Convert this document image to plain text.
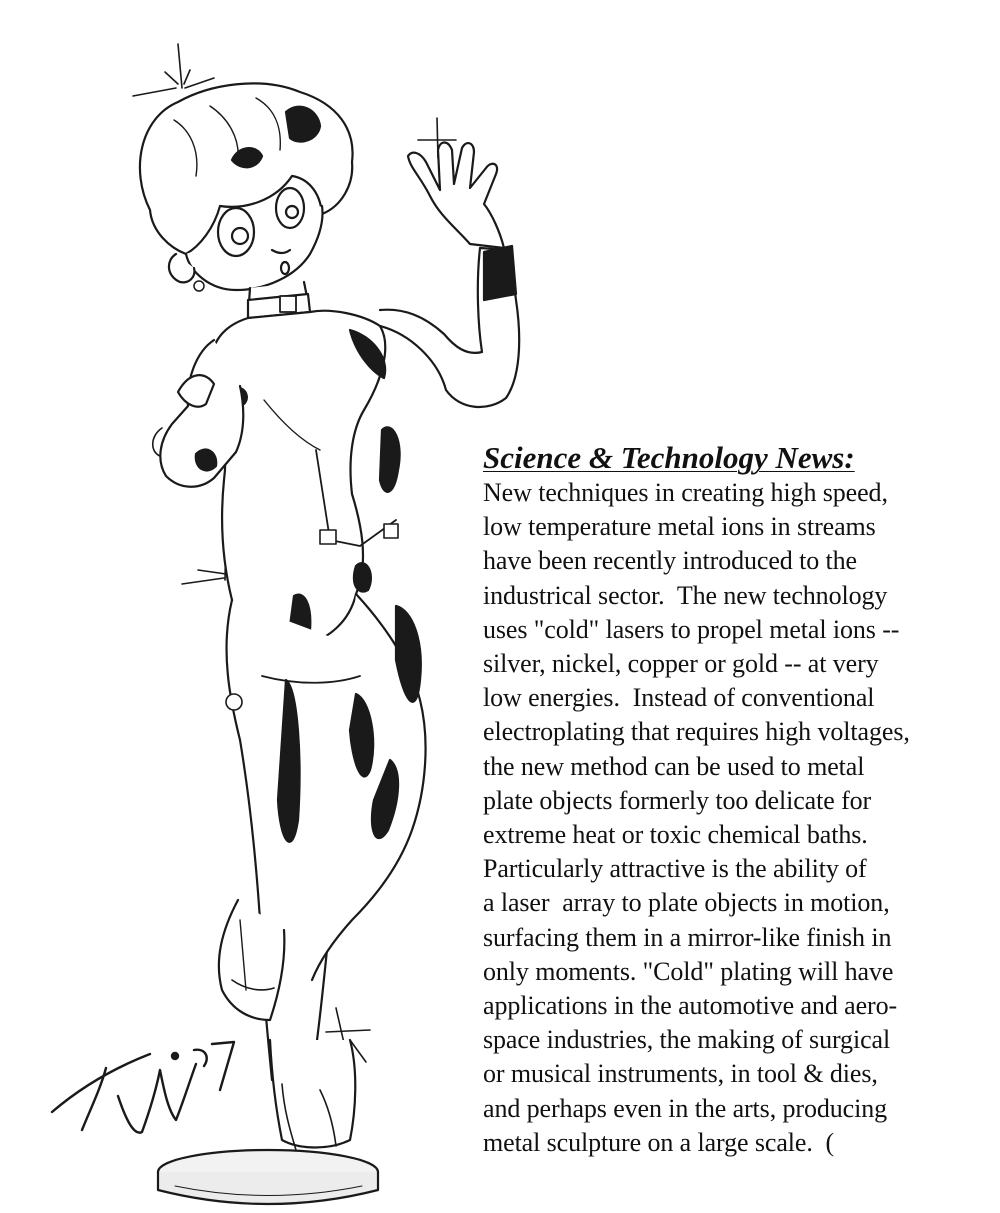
Science & Technology News:
New techniques in creating high speed,
low temperature metal ions in streams
have been recently introduced to the
industrical sector.  The new technology
uses "cold" lasers to propel metal ions --
silver, nickel, copper or gold -- at very
low energies.  Instead of conventional
electroplating that requires high voltages,
the new method can be used to metal
plate objects formerly too delicate for
extreme heat or toxic chemical baths.
Particularly attractive is the ability of
a laser  array to plate objects in motion,
surfacing them in a mirror-like finish in
only moments. "Cold" plating will have
applications in the automotive and aero-
space industries, the making of surgical
or musical instruments, in tool & dies,
and perhaps even in the arts, producing
metal sculpture on a large scale.  (
